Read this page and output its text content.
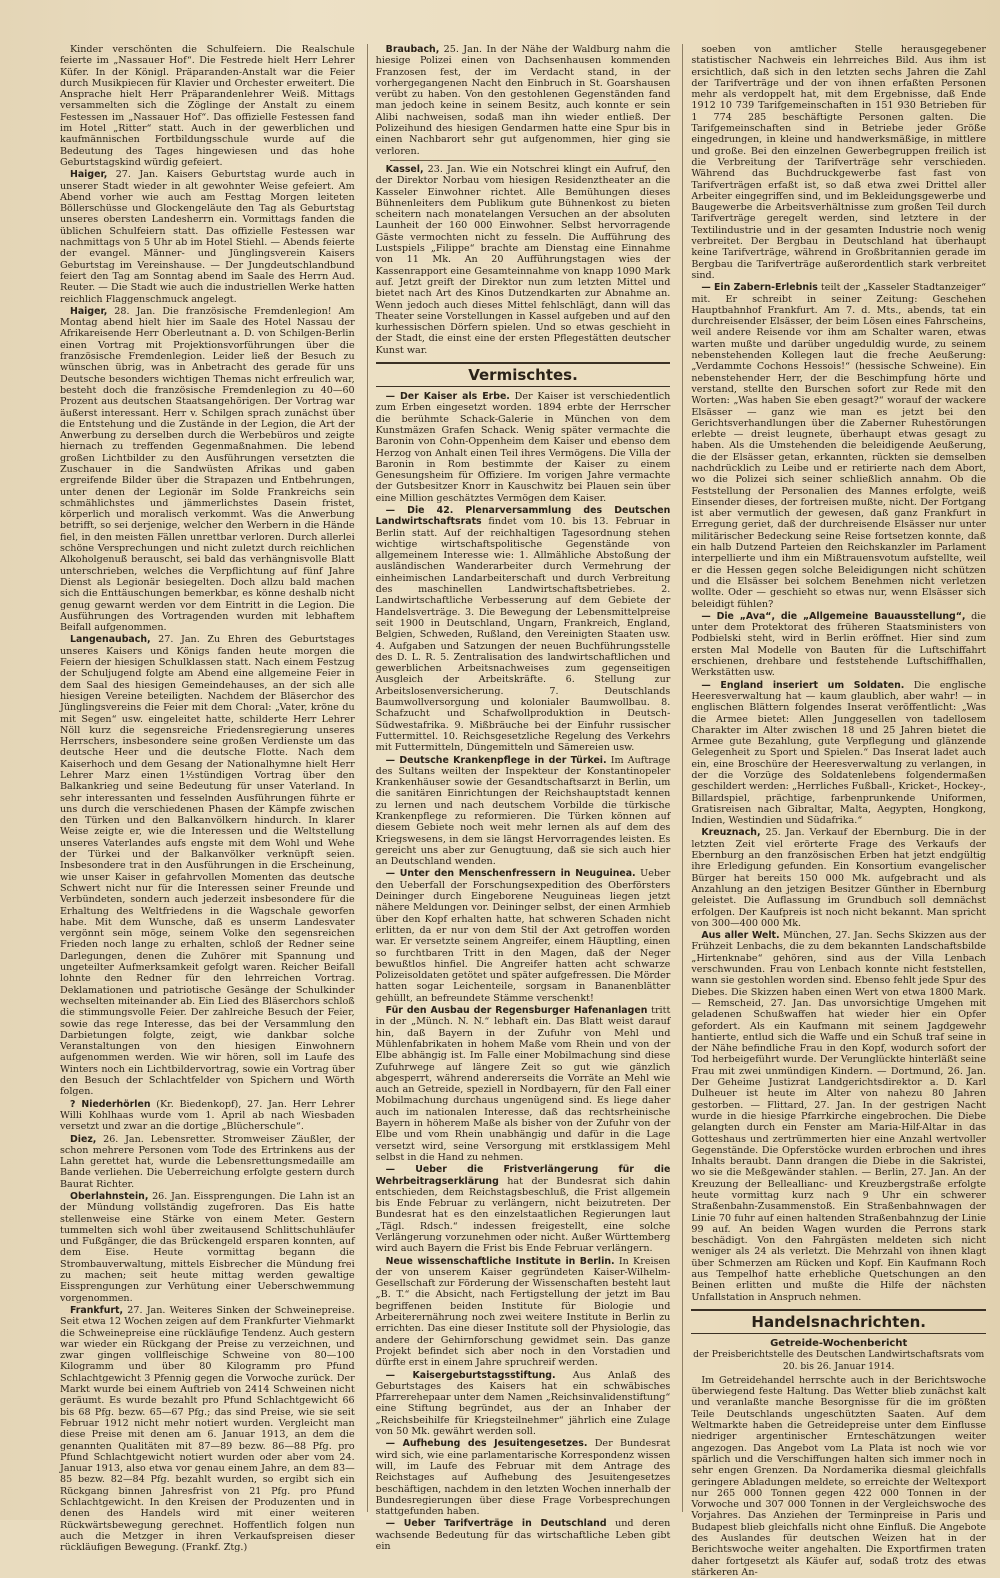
Kinder verschönten die Schulfeiern. Die Realschule feierte im „Nassauer Hof“. Die Festrede hielt Herr Lehrer Küfer. In der Königl. Präparanden-Anstalt war die Feier durch Musikpiecen für Klavier und Orchester erweitert. Die Ansprache hielt Herr Präparandenlehrer Weiß. Mittags versammelten sich die Zöglinge der Anstalt zu einem Festessen im „Nassauer Hof“. Das offizielle Festessen fand im Hotel „Ritter“ statt. Auch in der gewerblichen und kaufmännischen Fortbildungsschule wurde auf die Bedeutung des Tages hingewiesen und das hohe Geburtstagskind würdig gefeiert.

Haiger, 27. Jan. Kaisers Geburtstag wurde auch in unserer Stadt wieder in alt gewohnter Weise gefeiert. Am Abend vorher wie auch am Festtag Morgen leiteten Böllerschüsse und Glockengeläute den Tag als Geburtstag unseres obersten Landesherrn ein. Vormittags fanden die üblichen Schulfeiern statt. Das offizielle Festessen war nachmittags von 5 Uhr ab im Hotel Stiehl. — Abends feierte der evangel. Männer- und Jünglingsverein Kaisers Geburtstag im Vereinshause. — Der Jungdeutschlandbund feiert den Tag am Sonntag abend im Saale des Herrn Aud. Reuter. — Die Stadt wie auch die industriellen Werke hatten reichlich Flaggenschmuck angelegt.

Haiger, 28. Jan. Die französische Fremdenlegion! Am Montag abend hielt hier im Saale des Hotel Nassau der Afrikareisende Herr Oberleutnant a. D. von Schilgen-Berlin einen Vortrag mit Projektionsvorführungen über die französische Fremdenlegion. Leider ließ der Besuch zu wünschen übrig, was in Anbetracht des gerade für uns Deutsche besonders wichtigen Themas nicht erfreulich war, besteht doch die französische Fremdenlegion zu 40—60 Prozent aus deutschen Staatsangehörigen. Der Vortrag war äußerst interessant. Herr v. Schilgen sprach zunächst über die Entstehung und die Zustände in der Legion, die Art der Anwerbung zu derselben durch die Werbebüros und zeigte hiernach zu treffenden Gegenmaßnahmen. Die lebend großen Lichtbilder zu den Ausführungen versetzten die Zuschauer in die Sandwüsten Afrikas und gaben ergreifende Bilder über die Strapazen und Entbehrungen, unter denen der Legionär im Solde Frankreichs sein schmählichstes und jämmerlichstes Dasein fristet, körperlich und moralisch verkommt. Was die Anwerbung betrifft, so sei derjenige, welcher den Werbern in die Hände fiel, in den meisten Fällen unrettbar verloren. Durch allerlei schöne Versprechungen und nicht zuletzt durch reichlichen Alkoholgenuß berauscht, sei bald das verhängnisvolle Blatt unterschrieben, welches die Verpflichtung auf fünf Jahre Dienst als Legionär besiegelten. Doch allzu bald machen sich die Enttäuschungen bemerkbar, es könne deshalb nicht genug gewarnt werden vor dem Eintritt in die Legion. Die Ausführungen des Vortragenden wurden mit lebhaftem Beifall aufgenommen.

Langenaubach, 27. Jan. Zu Ehren des Geburtstages unseres Kaisers und Königs fanden heute morgen die Feiern der hiesigen Schulklassen statt. Nach einem Festzug der Schuljugend folgte am Abend eine allgemeine Feier in dem Saal des hiesigen Gemeindehauses, an der sich alle hiesigen Vereine beteiligten. Nachdem der Bläserchor des Jünglingsvereins die Feier mit dem Choral: „Vater, kröne du mit Segen“ usw. eingeleitet hatte, schilderte Herr Lehrer Nöll kurz die segensreiche Friedensregierung unseres Herrschers, insbesondere seine großen Verdienste um das deutsche Heer und die deutsche Flotte. Nach dem Kaiserhoch und dem Gesang der Nationalhymne hielt Herr Lehrer Marz einen 1½stündigen Vortrag über den Balkankrieg und seine Bedeutung für unser Vaterland. In sehr interessanten und fesselnden Ausführungen führte er uns durch die verschiedenen Phasen der Kämpfe zwischen den Türken und den Balkanvölkern hindurch. In klarer Weise zeigte er, wie die Interessen und die Weltstellung unseres Vaterlandes aufs engste mit dem Wohl und Wehe der Türkei und der Balkanvölker verknüpft seien. Insbesondere trat in den Ausführungen in die Erscheinung, wie unser Kaiser in gefahrvollen Momenten das deutsche Schwert nicht nur für die Interessen seiner Freunde und Verbündeten, sondern auch jederzeit insbesondere für die Erhaltung des Weltfriedens in die Wagschale geworfen habe. Mit dem Wunsche, daß es unserm Landesvater vergönnt sein möge, seinem Volke den segensreichen Frieden noch lange zu erhalten, schloß der Redner seine Darlegungen, denen die Zuhörer mit Spannung und ungeteilter Aufmerksamkeit gefolgt waren. Reicher Beifall lohnte den Redner für den lehrreichen Vortrag. Deklamationen und patriotische Gesänge der Schulkinder wechselten miteinander ab. Ein Lied des Bläserchors schloß die stimmungsvolle Feier. Der zahlreiche Besuch der Feier, sowie das rege Interesse, das bei der Versammlung den Darbietungen folgte, zeigt, wie dankbar solche Veranstaltungen von den hiesigen Einwohnern aufgenommen werden. Wie wir hören, soll im Laufe des Winters noch ein Lichtbildervortrag, sowie ein Vortrag über den Besuch der Schlachtfelder von Spichern und Wörth folgen.

? Niederhörlen (Kr. Biedenkopf), 27. Jan. Herr Lehrer Willi Kohlhaas wurde vom 1. April ab nach Wiesbaden versetzt und zwar an die dortige „Blücherschule“.

Diez, 26. Jan. Lebensretter. Stromweiser Zäußler, der schon mehrere Personen vom Tode des Ertrinkens aus der Lahn gerettet hat, wurde die Lebensrettungsmedaille am Bande verliehen. Die Ueberreichung erfolgte gestern durch Baurat Richter.

Oberlahnstein, 26. Jan. Eissprengungen. Die Lahn ist an der Mündung vollständig zugefroren. Das Eis hatte stellenweise eine Stärke von einem Meter. Gestern tummelten sich wohl über zweitausend Schlittschuhläufer und Fußgänger, die das Brückengeld ersparen konnten, auf dem Eise. Heute vormittag begann die Strombauverwaltung, mittels Eisbrecher die Mündung frei zu machen; seit heute mittag werden gewaltige Eissprengungen zur Verhütung einer Ueberschwemmung vorgenommen.

Frankfurt, 27. Jan. Weiteres Sinken der Schweinepreise. Seit etwa 12 Wochen zeigen auf dem Frankfurter Viehmarkt die Schweinepreise eine rückläufige Tendenz. Auch gestern war wieder ein Rückgang der Preise zu verzeichnen, und zwar gingen vollfleischige Schweine von 80—100 Kilogramm und über 80 Kilogramm pro Pfund Schlachtgewicht 3 Pfennig gegen die Vorwoche zurück. Der Markt wurde bei einem Auftrieb von 2414 Schweinen nicht geräumt. Es wurde bezahlt pro Pfund Schlachtgewicht 66 bis 68 Pfg. bezw. 65—67 Pfg.; das sind Preise, wie sie seit Februar 1912 nicht mehr notiert wurden. Vergleicht man diese Preise mit denen am 6. Januar 1913, an dem die genannten Qualitäten mit 87—89 bezw. 86—88 Pfg. pro Pfund Schlachtgewicht notiert wurden oder aber vom 24. Januar 1913, also etwa vor genau einem Jahre, an dem 83—85 bezw. 82—84 Pfg. bezahlt wurden, so ergibt sich ein Rückgang binnen Jahresfrist von 21 Pfg. pro Pfund Schlachtgewicht. In den Kreisen der Produzenten und in denen des Handels wird mit einer weiteren Rückwärtsbewegung gerechnet. Hoffentlich folgen nun auch die Metzger in ihren Verkaufspreisen dieser rückläufigen Bewegung. (Frankf. Ztg.)

Braubach, 25. Jan. In der Nähe der Waldburg nahm die hiesige Polizei einen von Dachsenhausen kommenden Franzosen fest, der im Verdacht stand, in der vorhergegangenen Nacht den Einbruch in St. Goarshausen verübt zu haben. Von den gestohlenen Gegenständen fand man jedoch keine in seinem Besitz, auch konnte er sein Alibi nachweisen, sodaß man ihn wieder entließ. Der Polizeihund des hiesigen Gendarmen hatte eine Spur bis in einen Nachbarort sehr gut aufgenommen, hier ging sie verloren.

Kassel, 23. Jan. Wie ein Notschrei klingt ein Aufruf, den der Direktor Norbau vom hiesigen Residenztheater an die Kasseler Einwohner richtet. Alle Bemühungen dieses Bühnenleiters dem Publikum gute Bühnenkost zu bieten scheitern nach monatelangen Versuchen an der absoluten Launheit der 160 000 Einwohner. Selbst hervorragende Gäste vermochten nicht zu fesseln. Die Aufführung des Lustspiels „Filippe“ brachte am Dienstag eine Einnahme von 11 Mk. An 20 Aufführungstagen wies der Kassenrapport eine Gesamteinnahme von knapp 1090 Mark auf. Jetzt greift der Direktor nun zum letzten Mittel und bietet nach Art des Kinos Dutzendkarten zur Abnahme an. Wenn jedoch auch dieses Mittel fehlschlägt, dann will das Theater seine Vorstellungen in Kassel aufgeben und auf den kurhessischen Dörfern spielen. Und so etwas geschieht in der Stadt, die einst eine der ersten Pflegestätten deutscher Kunst war.

Vermischtes.

— Der Kaiser als Erbe. Der Kaiser ist verschiedentlich zum Erben eingesetzt worden. 1894 erbte der Herrscher die berühmte Schack-Galerie in München von dem Kunstmäzen Grafen Schack. Wenig später vermachte die Baronin von Cohn-Oppenheim dem Kaiser und ebenso dem Herzog von Anhalt einen Teil ihres Vermögens. Die Villa der Baronin in Rom bestimmte der Kaiser zu einem Genesungsheim für Offiziere. Im vorigen Jahre vermachte der Gutsbesitzer Knorr in Kauschwitz bei Plauen sein über eine Million geschätztes Vermögen dem Kaiser.

— Die 42. Plenarversammlung des Deutschen Landwirtschaftsrats findet vom 10. bis 13. Februar in Berlin statt. Auf der reichhaltigen Tagesordnung stehen wichtige wirtschaftspolitische Gegenstände von allgemeinem Interesse wie: 1. Allmähliche Abstoßung der ausländischen Wanderarbeiter durch Vermehrung der einheimischen Landarbeiterschaft und durch Verbreitung des maschinellen Landwirtschaftsbetriebes. 2. Landwirtschaftliche Verbesserung auf dem Gebiete der Handelsverträge. 3. Die Bewegung der Lebensmittelpreise seit 1900 in Deutschland, Ungarn, Frankreich, England, Belgien, Schweden, Rußland, den Vereinigten Staaten usw. 4. Aufgaben und Satzungen der neuen Buchführungsstelle des D. L. R. 5. Zentralisation des landwirtschaftlichen und gewerblichen Arbeitsnachweises zum gegenseitigen Ausgleich der Arbeitskräfte. 6. Stellung zur Arbeitslosenversicherung. 7. Deutschlands Baumwollversorgung und kolonialer Baumwollbau. 8. Schafzucht und Schafwollproduktion in Deutsch-Südwestafrika. 9. Mißbräuche bei der Einfuhr russischer Futtermittel. 10. Reichsgesetzliche Regelung des Verkehrs mit Futtermitteln, Düngemitteln und Sämereien usw.

— Deutsche Krankenpflege in der Türkei. Im Auftrage des Sultans weilten der Inspekteur der Konstantinopeler Krankenhäuser sowie der Gesandtschaftsarzt in Berlin, um die sanitären Einrichtungen der Reichshauptstadt kennen zu lernen und nach deutschem Vorbilde die türkische Krankenpflege zu reformieren. Die Türken können auf diesem Gebiete noch weit mehr lernen als auf dem des Kriegswesens, in dem sie längst Hervorragendes leisten. Es gereicht uns aber zur Genugtuung, daß sie sich auch hier an Deutschland wenden.

— Unter den Menschenfressern in Neuguinea. Ueber den Ueberfall der Forschungsexpedition des Oberförsters Deininger durch Eingeborene Neuguineas liegen jetzt nähere Meldungen vor. Deininger selbst, der einen Armhieb über den Kopf erhalten hatte, hat schweren Schaden nicht erlitten, da er nur von dem Stil der Axt getroffen worden war. Er versetzte seinem Angreifer, einem Häuptling, einen so furchtbaren Tritt in den Magen, daß der Neger bewußtlos hinfiel. Die Angreifer hatten acht schwarze Polizeisoldaten getötet und später aufgefressen. Die Mörder hatten sogar Leichenteile, sorgsam in Bananenblätter gehüllt, an befreundete Stämme verschenkt!

Für den Ausbau der Regensburger Hafenanlagen tritt in der „Münch. N. N.“ lebhaft ein. Das Blatt weist darauf hin, daß Bayern in der Zufuhr von Mehl und Mühlenfabrikaten in hohem Maße vom Rhein und von der Elbe abhängig ist. Im Falle einer Mobilmachung sind diese Zufuhrwege auf längere Zeit so gut wie gänzlich abgesperrt, während andererseits die Vorräte an Mehl wie auch an Getreide, speziell in Nordbayern, für den Fall einer Mobilmachung durchaus ungenügend sind. Es liege daher auch im nationalen Interesse, daß das rechtsrheinische Bayern in höherem Maße als bisher von der Zufuhr von der Elbe und vom Rhein unabhängig und dafür in die Lage versetzt wird, seine Versorgung mit erstklassigem Mehl selbst in die Hand zu nehmen.

— Ueber die Fristverlängerung für die Wehrbeitragserklärung hat der Bundesrat sich dahin entschieden, dem Reichstagsbeschluß, die Frist allgemein bis Ende Februar zu verlängern, nicht beizutreten. Der Bundesrat hat es den einzelstaatlichen Regierungen laut „Tägl. Rdsch.“ indessen freigestellt, eine solche Verlängerung vorzunehmen oder nicht. Außer Württemberg wird auch Bayern die Frist bis Ende Februar verlängern.

Neue wissenschaftliche Institute in Berlin. In Kreisen der von unserem Kaiser gegründeten Kaiser-Wilhelm-Gesellschaft zur Förderung der Wissenschaften besteht laut „B. T.“ die Absicht, nach Fertigstellung der jetzt im Bau begriffenen beiden Institute für Biologie und Arbeiterernährung noch zwei weitere Institute in Berlin zu errichten. Das eine dieser Institute soll der Physiologie, das andere der Gehirnforschung gewidmet sein. Das ganze Projekt befindet sich aber noch in den Vorstadien und dürfte erst in einem Jahre spruchreif werden.

— Kaisergeburtstagsstiftung. Aus Anlaß des Geburtstages des Kaisers hat ein schwäbisches Pfarrerehepaar unter dem Namen „Reichsinvalidenstiftung“ eine Stiftung begründet, aus der an Inhaber der „Reichsbeihilfe für Kriegsteilnehmer“ jährlich eine Zulage von 50 Mk. gewährt werden soll.

— Aufhebung des Jesuitengesetzes. Der Bundesrat wird sich, wie eine parlamentarische Korrespondenz wissen will, im Laufe des Februar mit dem Antrage des Reichstages auf Aufhebung des Jesuitengesetzes beschäftigen, nachdem in den letzten Wochen innerhalb der Bundesregierungen über diese Frage Vorbesprechungen stattgefunden haben.

— Ueber Tarifverträge in Deutschland und deren wachsende Bedeutung für das wirtschaftliche Leben gibt ein

soeben von amtlicher Stelle herausgegebener statistischer Nachweis ein lehrreiches Bild. Aus ihm ist ersichtlich, daß sich in den letzten sechs Jahren die Zahl der Tarifverträge und der von ihnen erfaßten Personen mehr als verdoppelt hat, mit dem Ergebnisse, daß Ende 1912 10 739 Tarifgemeinschaften in 151 930 Betrieben für 1 774 285 beschäftigte Personen galten. Die Tarifgemeinschaften sind in Betriebe jeder Größe eingedrungen, in kleine und handwerksmäßige, in mittlere und große. Bei den einzelnen Gewerbegruppen freilich ist die Verbreitung der Tarifverträge sehr verschieden. Während das Buchdruckgewerbe fast fast von Tarifverträgen erfaßt ist, so daß etwa zwei Drittel aller Arbeiter eingegriffen sind, und im Bekleidungsgewerbe und Baugewerbe die Arbeitsverhältnisse zum großen Teil durch Tarifverträge geregelt werden, sind letztere in der Textilindustrie und in der gesamten Industrie noch wenig verbreitet. Der Bergbau in Deutschland hat überhaupt keine Tarifverträge, während in Großbritannien gerade im Bergbau die Tarifverträge außerordentlich stark verbreitet sind.

— Ein Zabern-Erlebnis teilt der „Kasseler Stadtanzeiger“ mit. Er schreibt in seiner Zeitung: Geschehen Hauptbahnhof Frankfurt. Am 7. d. Mts., abends, tat ein durchreisender Elsässer, der beim Lösen eines Fahrscheins, weil andere Reisende vor ihm am Schalter waren, etwas warten mußte und darüber ungeduldig wurde, zu seinem nebenstehenden Kollegen laut die freche Aeußerung: „Verdammte Cochons Hessois!“ (hessische Schweine). Ein nebenstehender Herr, der die Beschimpfung hörte und verstand, stellte den Burschen sofort zur Rede mit den Worten: „Was haben Sie eben gesagt?“ worauf der wackere Elsässer — ganz wie man es jetzt bei den Gerichtsverhandlungen über die Zaberner Ruhestörungen erlebte — dreist leugnete, überhaupt etwas gesagt zu haben. Als die Umstehenden die beleidigende Aeußerung, die der Elsässer getan, erkannten, rückten sie demselben nachdrücklich zu Leibe und er retirierte nach dem Abort, wo die Polizei sich seiner schließlich annahm. Ob die Feststellung der Personalien des Mannes erfolgte, weiß Einsender dieses, der fortreisen mußte, nicht. Der Fortgang ist aber vermutlich der gewesen, daß ganz Frankfurt in Erregung geriet, daß der durchreisende Elsässer nur unter militärischer Bedeckung seine Reise fortsetzen konnte, daß ein halb Dutzend Parteien den Reichskanzler im Parlament interpellierte und ihm ein Mißtrauensvotum aufstellte, weil er die Hessen gegen solche Beleidigungen nicht schützen und die Elsässer bei solchem Benehmen nicht verletzen wollte. Oder — geschieht so etwas nur, wenn Elsässer sich beleidigt fühlen?

— Die „Ava“, die „Allgemeine Bauausstellung“, die unter dem Protektorat des früheren Staatsministers von Podbielski steht, wird in Berlin eröffnet. Hier sind zum ersten Mal Modelle von Bauten für die Luftschiffahrt erschienen, drehbare und feststehende Luftschiffhallen, Werkstätten usw.

— England inseriert um Soldaten. Die englische Heeresverwaltung hat — kaum glaublich, aber wahr! — in englischen Blättern folgendes Inserat veröffentlicht: „Was die Armee bietet: Allen Junggesellen von tadellosem Charakter im Alter zwischen 18 und 25 Jahren bietet die Armee gute Bezahlung, gute Verpflegung und glänzende Gelegenheit zu Sport und Spielen.“ Das Inserat ladet auch ein, eine Broschüre der Heeresverwaltung zu verlangen, in der die Vorzüge des Soldatenlebens folgendermaßen geschildert werden: „Herrliches Fußball-, Kricket-, Hockey-, Billardspiel, prächtige, farbenprunkende Uniformen, Gratisreisen nach Gibraltar, Malta, Aegypten, Hongkong, Indien, Westindien und Südafrika.“

Kreuznach, 25. Jan. Verkauf der Ebernburg. Die in der letzten Zeit viel erörterte Frage des Verkaufs der Ebernburg an den französischen Erben hat jetzt endgültig ihre Erledigung gefunden. Ein Konsortium evangelischer Bürger hat bereits 150 000 Mk. aufgebracht und als Anzahlung an den jetzigen Besitzer Günther in Ebernburg geleistet. Die Auflassung im Grundbuch soll demnächst erfolgen. Der Kaufpreis ist noch nicht bekannt. Man spricht von 300—400 000 Mk.

Aus aller Welt. München, 27. Jan. Sechs Skizzen aus der Frühzeit Lenbachs, die zu dem bekannten Landschaftsbilde „Hirtenknabe“ gehören, sind aus der Villa Lenbach verschwunden. Frau von Lenbach konnte nicht feststellen, wann sie gestohlen worden sind. Ebenso fehlt jede Spur des Diebes. Die Skizzen haben einen Wert von etwa 1800 Mark. — Remscheid, 27. Jan. Das unvorsichtige Umgehen mit geladenen Schußwaffen hat wieder hier ein Opfer gefordert. Als ein Kaufmann mit seinem Jagdgewehr hantierte, entlud sich die Waffe und ein Schuß traf seine in der Nähe befindliche Frau in den Kopf, wodurch sofort der Tod herbeigeführt wurde. Der Verunglückte hinterläßt seine Frau mit zwei unmündigen Kindern. — Dortmund, 26. Jan. Der Geheime Justizrat Landgerichtsdirektor a. D. Karl Dulheuer ist heute im Alter von nahezu 80 Jahren gestorben. — Flittard, 27. Jan. In der gestrigen Nacht wurde in die hiesige Pfarrkirche eingebrochen. Die Diebe gelangten durch ein Fenster am Maria-Hilf-Altar in das Gotteshaus und zertrümmerten hier eine Anzahl wertvoller Gegenstände. Die Opferstöcke wurden erbrochen und ihres Inhalts beraubt. Dann drangen die Diebe in die Sakristei, wo sie die Meßgewänder stahlen. — Berlin, 27. Jan. An der Kreuzung der Belleallianc- und Kreuzbergstraße erfolgte heute vormittag kurz nach 9 Uhr ein schwerer Straßenbahn-Zusammenstoß. Ein Straßenbahnwagen der Linie 70 fuhr auf einen haltenden Straßenbahnzug der Linie 99 auf. An beiden Wagen wurden die Perrons stark beschädigt. Von den Fahrgästen meldeten sich nicht weniger als 24 als verletzt. Die Mehrzahl von ihnen klagt über Schmerzen am Rücken und Kopf. Ein Kaufmann Roch aus Tempelhof hatte erhebliche Quetschungen an den Beinen erlitten und mußte die Hilfe der nächsten Unfallstation in Anspruch nehmen.

Handelsnachrichten.
Getreide-Wochenbericht
der Preisberichtstelle des Deutschen Landwirtschaftsrats vom 20. bis 26. Januar 1914.

Im Getreidehandel herrschte auch in der Berichtswoche überwiegend feste Haltung. Das Wetter blieb zunächst kalt und veranlaßte manche Besorgnisse für die im größten Teile Deutschlands ungeschützten Saaten. Auf dem Weltmarkte haben die Getreidepreise unter dem Einflusse niedriger argentinischer Ernteschätzungen weiter angezogen. Das Angebot vom La Plata ist noch wie vor spärlich und die Verschiffungen halten sich immer noch in sehr engen Grenzen. Da Nordamerika diesmal gleichfalls geringere Abladungen meldete, so erreichte der Weltexport nur 265 000 Tonnen gegen 422 000 Tonnen in der Vorwoche und 307 000 Tonnen in der Vergleichswoche des Vorjahres. Das Anziehen der Terminpreise in Paris und Budapest blieb gleichfalls nicht ohne Einfluß. Die Angebote des Auslandes für deutschen Weizen hat in der Berichtswoche weiter angehalten. Die Exportfirmen traten daher fortgesetzt als Käufer auf, sodaß trotz des etwas stärkeren An-
